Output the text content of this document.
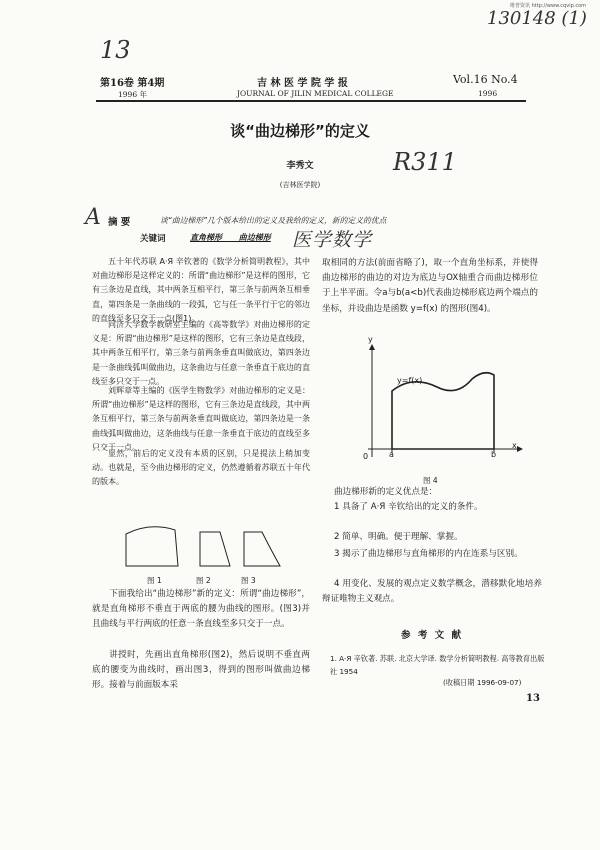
维普资讯 http://www.cqvip.com
130148 (1)
13
第16卷 第4期	吉 林 医 学 院 学 报	Vol.16 No.4
1996 年	JOURNAL OF JILIN MEDICAL COLLEGE	1996
谈“曲边梯形”的定义
李秀文
(吉林医学院)
R311
A 摘 要	谈“曲边梯形”几个版本给出的定义及我给的定义，新的定义的优点
关键词	直角梯形 曲边梯形 医学数学
五十年代苏联 A·Я 辛钦著的《数学分析简明教程》，其中对曲边梯形是这样定义的：所谓“曲边梯形”是这样的图形，它有三条边是直线，其中两条互相平行，第三条与前两条互相垂直，第四条是一条曲线的一段弧，它与任一条平行于它的邻边的直线至多只交于一点(图1)。
同济大学数学教研室主编的《高等数学》对曲边梯形的定义是：所谓“曲边梯形”是这样的图形，它有三条边是直线段，其中两条互相平行，第三条与前两条垂直叫做底边，第四条边是一条曲线弧叫做曲边，这条曲边与任意一条垂直于底边的直线至多只交于一点。
刘辉章等主编的《医学生物数学》对曲边梯形的定义是：所谓“曲边梯形”是这样的图形，它有三条边是直线段，其中两条互相平行，第三条与前两条垂直叫做底边，第四条边是一条曲线弧叫做曲边，这条曲线与任意一条垂直于底边的直线至多只交于一点。
显然，前后的定义没有本质的区别，只是提法上稍加变动。也就是，至今曲边梯形的定义，仍然遵循着苏联五十年代的版本。
图 1	图 2	图 3
下面我给出“曲边梯形”新的定义：所谓“曲边梯形”，就是直角梯形不垂直于两底的腰为曲线的图形。(图3)并且曲线与平行两底的任意一条直线至多只交于一点。
讲授时，先画出直角梯形(图2)，然后说明不垂直两底的腰变为曲线时，画出图3，得到的图形叫做曲边梯形。接着与前面版本采
取相同的方法(前面省略了)，取一个直角坐标系，并使得曲边梯形的曲边的对边为底边与OX轴重合而曲边梯形位于上半平面。令a与b(a<b)代表曲边梯形底边两个端点的坐标，并设曲边是函数 y=f(x) 的图形(图4)。
y
x
0	a	b
y=f(x)
图 4
曲边梯形新的定义优点是：
1 具备了 A·Я 辛钦给出的定义的条件。
2 简单、明确。便于理解、掌握。
3 揭示了曲边梯形与直角梯形的内在连系与区别。
4 用变化、发展的观点定义数学概念，潜移默化地培养辩证唯物主义观点。
参 考 文 献
1. A·Я 辛钦著. 苏联. 北京大学译. 数学分析简明教程. 高等教育出版社 1954
(收稿日期 1996-09-07)
13
